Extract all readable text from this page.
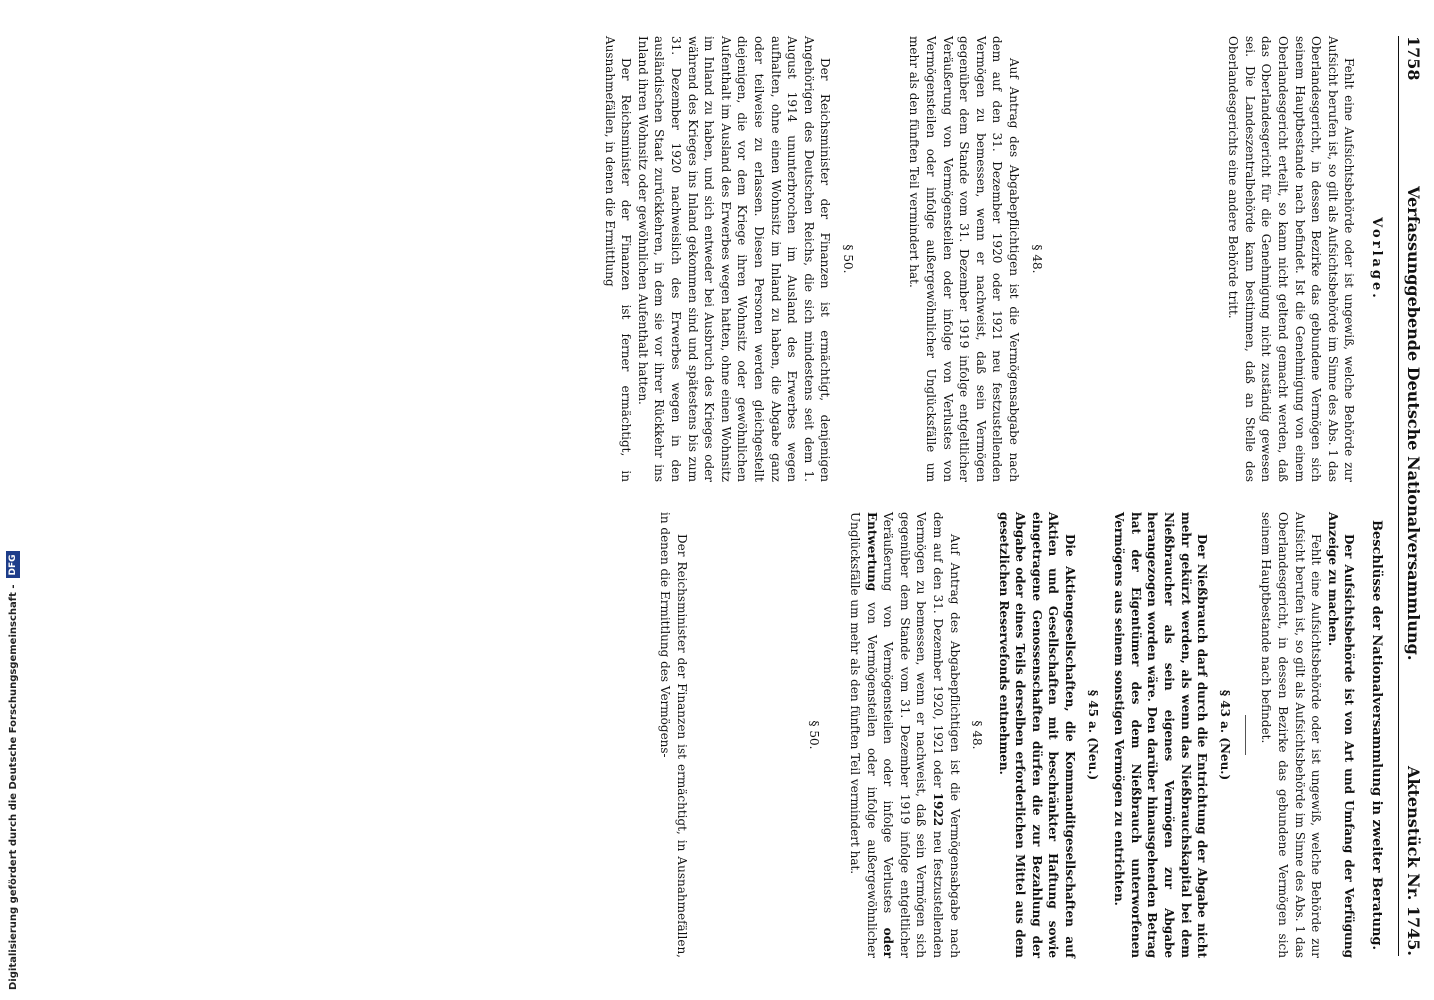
Digitalisierung gefördert durch die Deutsche Forschungsgemeinschaft -
DFG
1758
Verfassunggebende Deutsche Nationalversammlung.
Aktenstück Nr. 1745.
Vorlage.

Fehlt eine Aufsichtsbehörde oder ist ungewiß, welche Behörde zur Aufsicht berufen ist, so gilt als Aufsichtsbehörde im Sinne des Abs. 1 das Oberlandesgericht, in dessen Bezirke das gebundene Vermögen sich seinem Hauptbestande nach befindet. Ist die Genehmigung von einem Oberlandesgericht erteilt, so kann nicht geltend gemacht werden, daß das Oberlandesgericht für die Genehmigung nicht zuständig gewesen sei. Die Landeszentralbehörde kann bestimmen, daß an Stelle des Oberlandesgerichts eine andere Behörde tritt.

§ 48.

Auf Antrag des Abgabepflichtigen ist die Vermögensabgabe nach dem auf den 31. Dezember 1920 oder 1921 neu festzustellenden Vermögen zu bemessen, wenn er nachweist, daß sein Vermögen gegenüber dem Stande vom 31. Dezember 1919 infolge entgeltlicher Veräußerung von Vermögensteilen oder infolge von Verlustes von Vermögensteilen oder infolge außergewöhnlicher Unglücksfälle um mehr als den fünften Teil vermindert hat.

§ 50.

Der Reichsminister der Finanzen ist ermächtigt, denjenigen Angehörigen des Deutschen Reichs, die sich mindestens seit dem 1. August 1914 ununterbrochen im Ausland des Erwerbes wegen aufhalten, ohne einen Wohnsitz im Inland zu haben, die Abgabe ganz oder teilweise zu erlassen. Diesen Personen werden gleichgestellt diejenigen, die vor dem Kriege ihren Wohnsitz oder gewöhnlichen Aufenthalt im Ausland des Erwerbes wegen hatten, ohne einen Wohnsitz im Inland zu haben, und sich entweder bei Ausbruch des Krieges oder während des Krieges ins Inland gekommen sind und spätestens bis zum 31. Dezember 1920 nachweislich des Erwerbes wegen in den ausländischen Staat zurückkehren, in dem sie vor ihrer Rückkehr ins Inland ihren Wohnsitz oder gewöhnlichen Aufenthalt hatten.

Der Reichsminister der Finanzen ist ferner ermächtigt, in Ausnahmefällen, in denen die Ermittlung

Beschlüsse der Nationalversammlung in zweiter Beratung.

Der Aufsichtsbehörde ist von Art und Umfang der Verfügung Anzeige zu machen.

Fehlt eine Aufsichtsbehörde oder ist ungewiß, welche Behörde zur Aufsicht berufen ist, so gilt als Aufsichtsbehörde im Sinne des Abs. 1 das Oberlandesgericht, in dessen Bezirke das gebundene Vermögen sich seinem Hauptbestande nach befindet.

§ 43 a. (Neu.)

Der Nießbrauch darf durch die Entrichtung der Abgabe nicht mehr gekürzt werden, als wenn das Nießbrauchskapital bei dem Nießbraucher als sein eigenes Vermögen zur Abgabe herangezogen worden wäre. Den darüber hinausgehenden Betrag hat der Eigentümer des dem Nießbrauch unterworfenen Vermögens aus seinem sonstigen Vermögen zu entrichten.

§ 45 a. (Neu.)

Die Aktiengesellschaften, die Kommanditgesellschaften auf Aktien und Gesellschaften mit beschränkter Haftung sowie eingetragene Genossenschaften dürfen die zur Bezahlung der Abgabe oder eines Teils derselben erforderlichen Mittel aus dem gesetzlichen Reservefonds entnehmen.

§ 48.

Auf Antrag des Abgabepflichtigen ist die Vermögensabgabe nach dem auf den 31. Dezember 1920, 1921 oder 1922 neu festzustellenden Vermögen zu bemessen, wenn er nachweist, daß sein Vermögen sich gegenüber dem Stande vom 31. Dezember 1919 infolge entgeltlicher Veräußerung von Vermögensteilen oder infolge Verlustes oder Entwertung von Vermögensteilen oder infolge außergewöhnlicher Unglücksfälle um mehr als den fünften Teil vermindert hat.

§ 50.

Der Reichsminister der Finanzen ist ermächtigt, in Ausnahmefällen, in denen die Ermittlung des Vermögens-
